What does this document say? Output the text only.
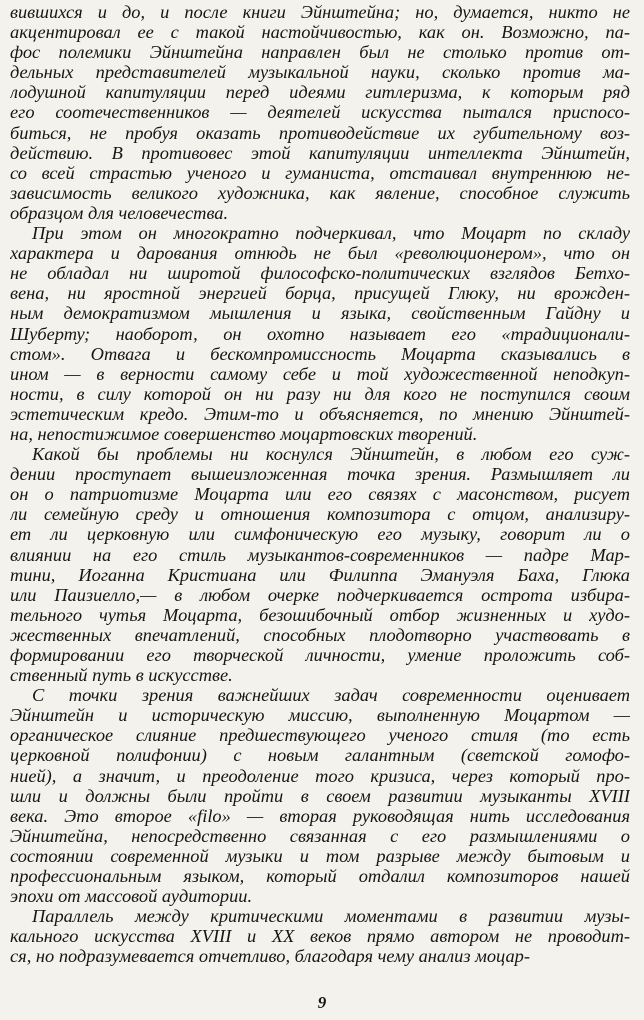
вившихся и до, и после книги Эйнштейна; но, думается, никто не
акцентировал ее с такой настойчивостью, как он. Возможно, па-
фос полемики Эйнштейна направлен был не столько против от-
дельных представителей музыкальной науки, сколько против ма-
лодушной капитуляции перед идеями гитлеризма, к которым ряд
его соотечественников — деятелей искусства пытался приспосо-
биться, не пробуя оказать противодействие их губительному воз-
действию. В противовес этой капитуляции интеллекта Эйнштейн,
со всей страстью ученого и гуманиста, отстаивал внутреннюю не-
зависимость великого художника, как явление, способное служить
образцом для человечества.
При этом он многократно подчеркивал, что Моцарт по складу
характера и дарования отнюдь не был «революционером», что он
не обладал ни широтой философско-политических взглядов Бетхо-
вена, ни яростной энергией борца, присущей Глюку, ни врожден-
ным демократизмом мышления и языка, свойственным Гайдну и
Шуберту; наоборот, он охотно называет его «традиционали-
стом». Отвага и бескомпромиссность Моцарта сказывались в
ином — в верности самому себе и той художественной неподкуп-
ности, в силу которой он ни разу ни для кого не поступился своим
эстетическим кредо. Этим-то и объясняется, по мнению Эйнштей-
на, непостижимое совершенство моцартовских творений.
Какой бы проблемы ни коснулся Эйнштейн, в любом его суж-
дении проступает вышеизложенная точка зрения. Размышляет ли
он о патриотизме Моцарта или его связях с масонством, рисует
ли семейную среду и отношения композитора с отцом, анализиру-
ет ли церковную или симфоническую его музыку, говорит ли о
влиянии на его стиль музыкантов-современников — падре Мар-
тини, Иоганна Кристиана или Филиппа Эмануэля Баха, Глюка
или Паизиелло,— в любом очерке подчеркивается острота избира-
тельного чутья Моцарта, безошибочный отбор жизненных и худо-
жественных впечатлений, способных плодотворно участвовать в
формировании его творческой личности, умение проложить соб-
ственный путь в искусстве.
С точки зрения важнейших задач современности оценивает
Эйнштейн и историческую миссию, выполненную Моцартом —
органическое слияние предшествующего ученого стиля (то есть
церковной полифонии) с новым галантным (светской гомофо-
нией), а значит, и преодоление того кризиса, через который про-
шли и должны были пройти в своем развитии музыканты XVIII
века. Это второе «filo» — вторая руководящая нить исследования
Эйнштейна, непосредственно связанная с его размышлениями о
состоянии современной музыки и том разрыве между бытовым и
профессиональным языком, который отдалил композиторов нашей
эпохи от массовой аудитории.
Параллель между критическими моментами в развитии музы-
кального искусства XVIII и XX веков прямо автором не проводит-
ся, но подразумевается отчетливо, благодаря чему анализ моцар-
9
